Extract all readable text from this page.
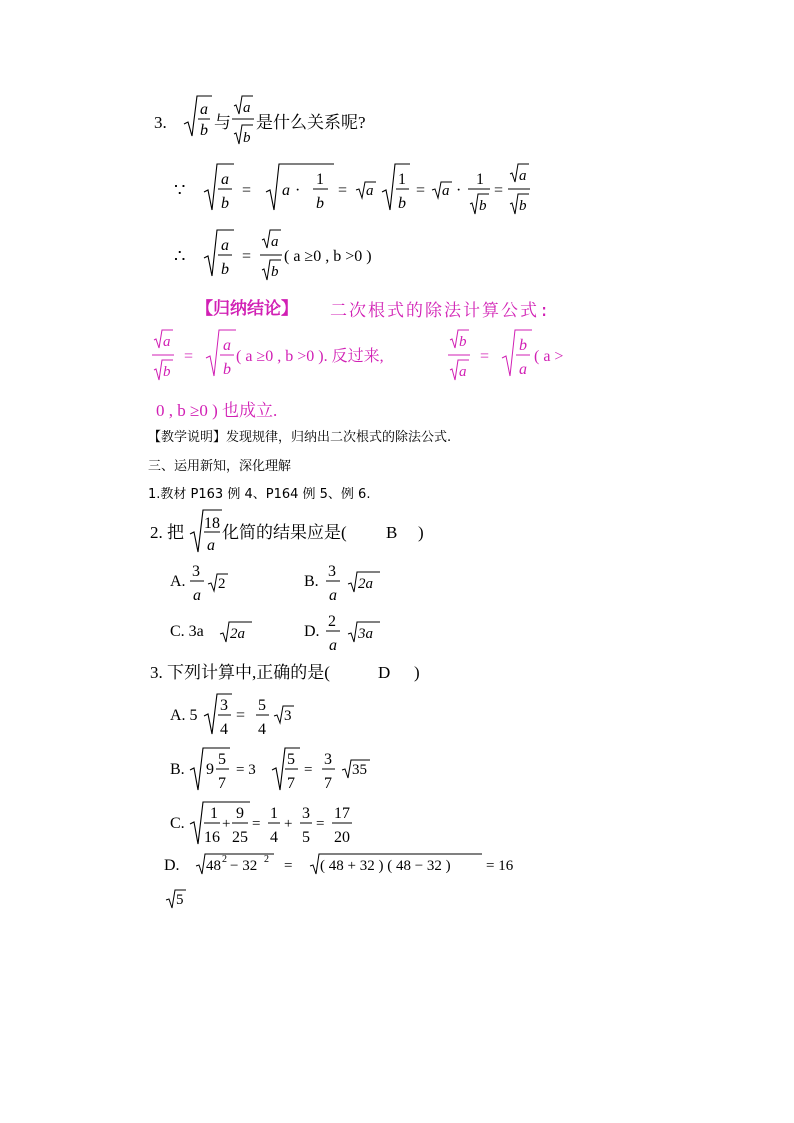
3.
a
b 与
a
b
是什么关系呢?
∵
a
b
= a ·
1
b
= a
1
b
= a ·
1
b
=
a
b
∴
a
b
=
a
b
( a ≥0 , b >0 )
【归纳结论】 二次根式的除法计算公式:
a
b
=
a
b
( a ≥0 , b >0 ). 反过来,
b
a
=
b
a
( a >
0 , b ≥0 ) 也成立.
【教学说明】发现规律，归纳出二次根式的除法公式.
三、运用新知，深化理解
1.教材 P163 例 4、P164 例 5、例 6.
2. 把 18
a
化简的结果应是( B )
A.
3
a
2	B.
3
a
2a
C. 3a 2a	D.
2
a
3a
3. 下列计算中,正确的是(	D )
A. 5
3
4
=
5
4
3
B. 9
5
7
= 3
5
7
=
3
7
35
C.
1
16
+
9
25
=
1
4
+
3
5
=
17
20
D. 48 2 − 32 2 = ( 48 + 32 ) ( 48 − 32 ) = 16
5
